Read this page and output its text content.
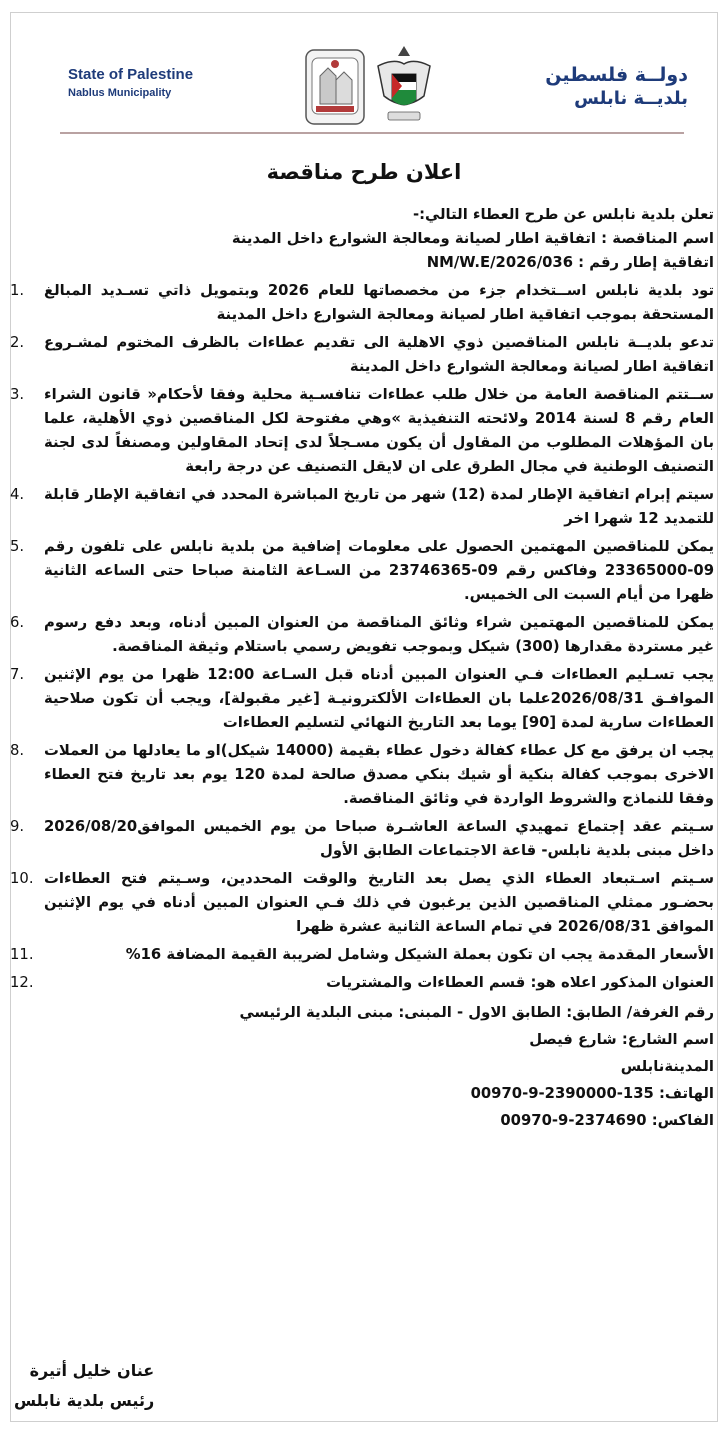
State of Palestine
Nablus Municipality
دولــة فلسطين
بلديــة نابلس
اعلان طرح مناقصة

تعلن بلدية نابلس عن طرح العطاء التالي:-

اسم المناقصة : اتفاقية اطار لصيانة ومعالجة الشوارع داخل المدينة

اتفاقية إطار رقم : NM/W.E/2026/036

1. تود بلدية نابلس اســتخدام جزء من مخصصاتها للعام 2026 وبتمويل ذاتي تسـديد المبالغ المستحقة بموجب اتفاقية اطار لصيانة ومعالجة الشوارع داخل المدينة
2. تدعو بلديــة نابلس المناقصين ذوي الاهلية الى تقديم عطاءات بالظرف المختوم لمشـروع اتفاقية اطار لصيانة ومعالجة الشوارع داخل المدينة
3. ســتتم المناقصة العامة من خلال طلب عطاءات تنافسـية محلية وفقا لأحكام« قانون الشراء العام رقم 8 لسنة 2014 ولائحته التنفيذية »وهي مفتوحة لكل المناقصين ذوي الأهلية، علما بان المؤهلات المطلوب من المقاول أن يكون مسـجلاً لدى إتحاد المقاولين ومصنفاً لدى لجنة التصنيف الوطنية في مجال الطرق على ان لايقل التصنيف عن درجة رابعة
4. سيتم إبرام اتفاقية الإطار لمدة (12) شهر من تاريخ المباشرة المحدد في اتفاقية الإطار قابلة للتمديد 12 شهرا اخر
5. يمكن للمناقصين المهتمين الحصول على معلومات إضافية من بلدية نابلس على تلفون رقم 09-23365000 وفاكس رقم 09-23746365 من السـاعة الثامنة صباحا حتى الساعه الثانية ظهرا من أيام السبت الى الخميس.
6. يمكن للمناقصين المهتمين شراء وثائق المناقصة من العنوان المبين أدناه، وبعد دفع رسوم غير مستردة مقدارها (300) شيكل وبموجب تفويض رسمي باستلام وثيقة المناقصة.
7. يجب تسـليم العطاءات فـي العنوان المبين أدناه قبل السـاعة 12:00 ظهرا من يوم الإثنين الموافـق 2026/08/31علما بان العطاءات الألكترونيـة [غير مقبولة]، ويجب أن تكون صلاحية العطاءات سارية لمدة [90] يوما بعد التاريخ النهائي لتسليم العطاءات
8. يجب ان يرفق مع كل عطاء كفالة دخول عطاء بقيمة (14000 شيكل)او ما يعادلها من العملات الاخرى بموجب كفالة بنكية أو شيك بنكي مصدق صالحة لمدة 120 يوم بعد تاريخ فتح العطاء وفقا للنماذج والشروط الواردة في وثائق المناقصة.
9. سـيتم عقد إجتماع تمهيدي الساعة العاشـرة صباحا من يوم الخميس الموافق2026/08/20 داخل مبنى بلدية نابلس- قاعة الاجتماعات الطابق الأول
10. سـيتم اسـتبعاد العطاء الذي يصل بعد التاريخ والوقت المحددين، وسـيتم فتح العطاءات بحضـور ممثلي المناقصين الذين يرغبون في ذلك فـي العنوان المبين أدناه في يوم الإثنين الموافق 2026/08/31 في تمام الساعة الثانية عشرة ظهرا
11.	الأسعار المقدمة يجب ان تكون بعملة الشيكل وشامل لضريبة القيمة المضافة 16%
12.	العنوان المذكور اعلاه هو: قسم العطاءات والمشتريات

رقم الغرفة/ الطابق: الطابق الاول - المبنى: مبنى البلدية الرئيسي

اسم الشارع: شارع فيصل

المدينةنابلس

الهاتف: 135-2390000-9-00970

الفاكس: 2374690-9-00970

عنان خليل أتيرة
رئيس بلدية نابلس
